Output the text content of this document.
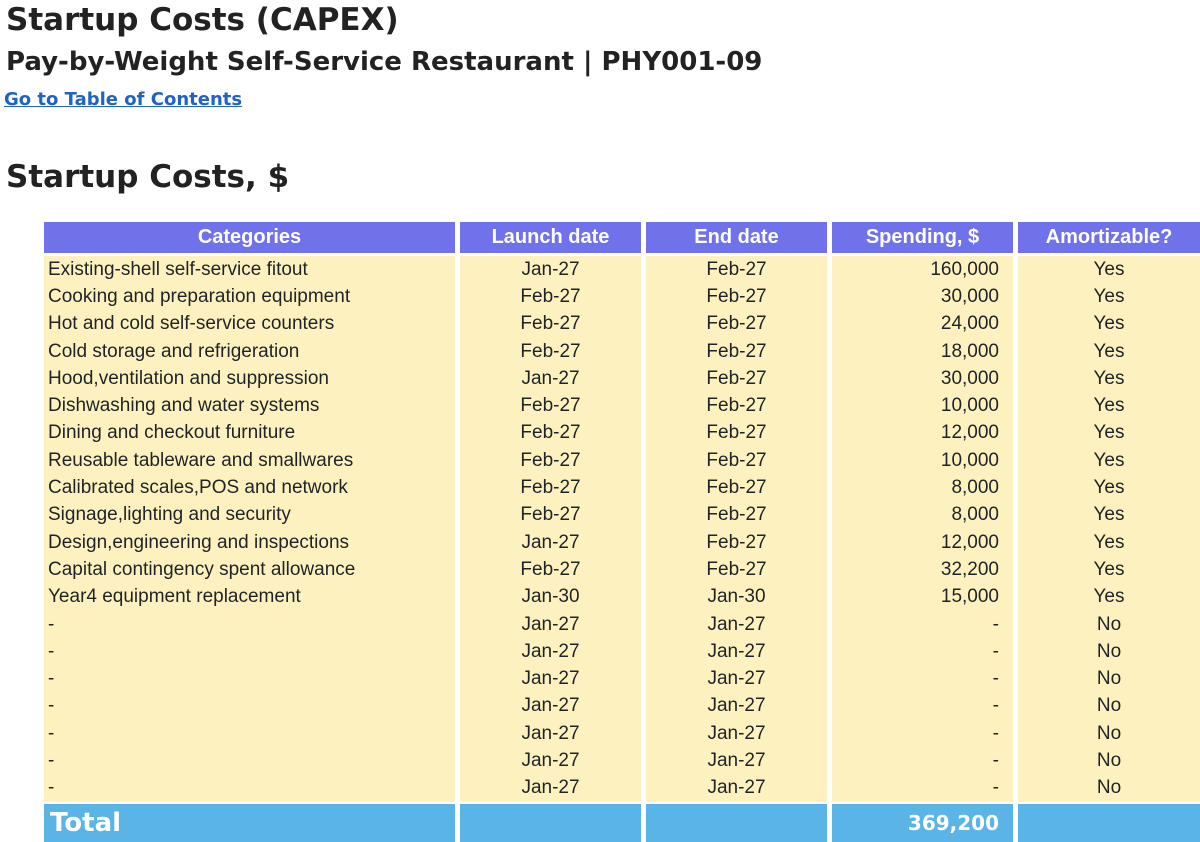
Startup Costs (CAPEX)
Pay-by-Weight Self-Service Restaurant | PHY001-09
Go to Table of Contents
Startup Costs, $
Categories	Launch date	End date	Spending, $	Amortizable?
Existing-shell self-service fitout	Jan-27	Feb-27	160,000	Yes
Cooking and preparation equipment	Feb-27	Feb-27	30,000	Yes
Hot and cold self-service counters	Feb-27	Feb-27	24,000	Yes
Cold storage and refrigeration	Feb-27	Feb-27	18,000	Yes
Hood,ventilation and suppression	Jan-27	Feb-27	30,000	Yes
Dishwashing and water systems	Feb-27	Feb-27	10,000	Yes
Dining and checkout furniture	Feb-27	Feb-27	12,000	Yes
Reusable tableware and smallwares	Feb-27	Feb-27	10,000	Yes
Calibrated scales,POS and network	Feb-27	Feb-27	8,000	Yes
Signage,lighting and security	Feb-27	Feb-27	8,000	Yes
Design,engineering and inspections	Jan-27	Feb-27	12,000	Yes
Capital contingency spent allowance	Feb-27	Feb-27	32,200	Yes
Year4 equipment replacement	Jan-30	Jan-30	15,000	Yes
-	Jan-27	Jan-27	-	No
-	Jan-27	Jan-27	-	No
-	Jan-27	Jan-27	-	No
-	Jan-27	Jan-27	-	No
-	Jan-27	Jan-27	-	No
-	Jan-27	Jan-27	-	No
-	Jan-27	Jan-27	-	No
Total			369,200	
